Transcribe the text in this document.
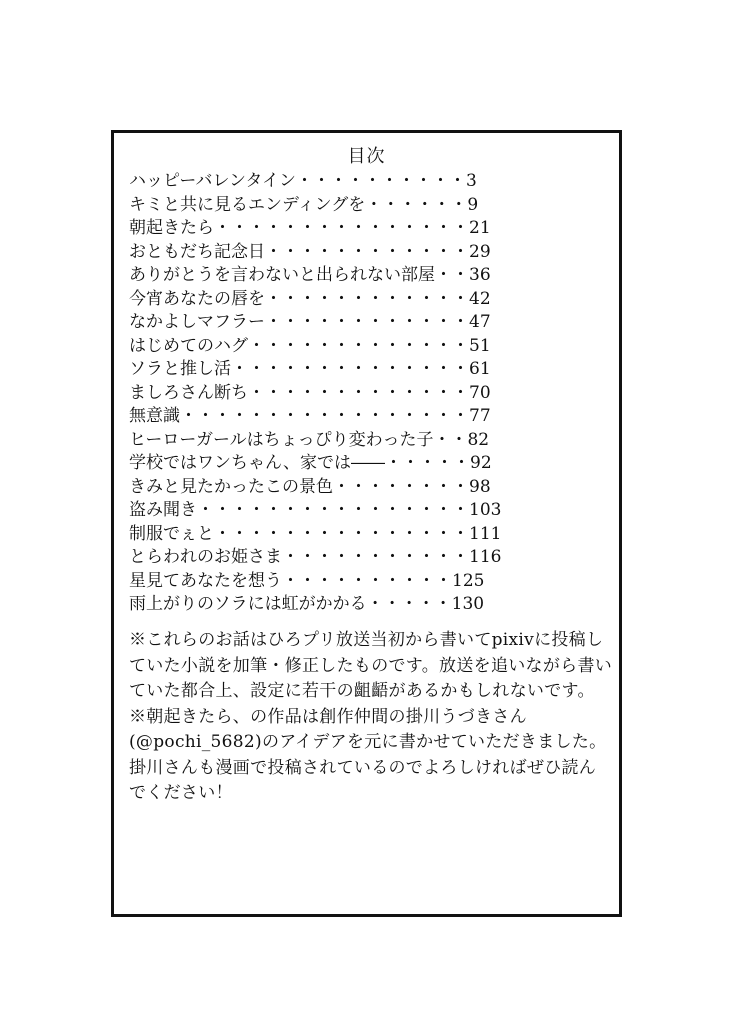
目次
ハッピーバレンタイン・・・・・・・・・・3
キミと共に見るエンディングを・・・・・・9
朝起きたら・・・・・・・・・・・・・・・21
おともだち記念日・・・・・・・・・・・・29
ありがとうを言わないと出られない部屋・・36
今宵あなたの唇を・・・・・・・・・・・・42
なかよしマフラー・・・・・・・・・・・・47
はじめてのハグ・・・・・・・・・・・・・51
ソラと推し活・・・・・・・・・・・・・・61
ましろさん断ち・・・・・・・・・・・・・70
無意識・・・・・・・・・・・・・・・・・77
ヒーローガールはちょっぴり変わった子・・82
学校ではワンちゃん、家では――・・・・・92
きみと見たかったこの景色・・・・・・・・98
盗み聞き・・・・・・・・・・・・・・・・103
制服でぇと・・・・・・・・・・・・・・・111
とらわれのお姫さま・・・・・・・・・・・116
星見てあなたを想う・・・・・・・・・・125
雨上がりのソラには虹がかかる・・・・・130

※これらのお話はひろプリ放送当初から書いてpixivに投稿していた小説を加筆・修正したものです。放送を追いながら書いていた都合上、設定に若干の齟齬があるかもしれないです。

※朝起きたら、の作品は創作仲間の掛川うづきさん(@pochi_5682)のアイデアを元に書かせていただきました。掛川さんも漫画で投稿されているのでよろしければぜひ読んでください！
